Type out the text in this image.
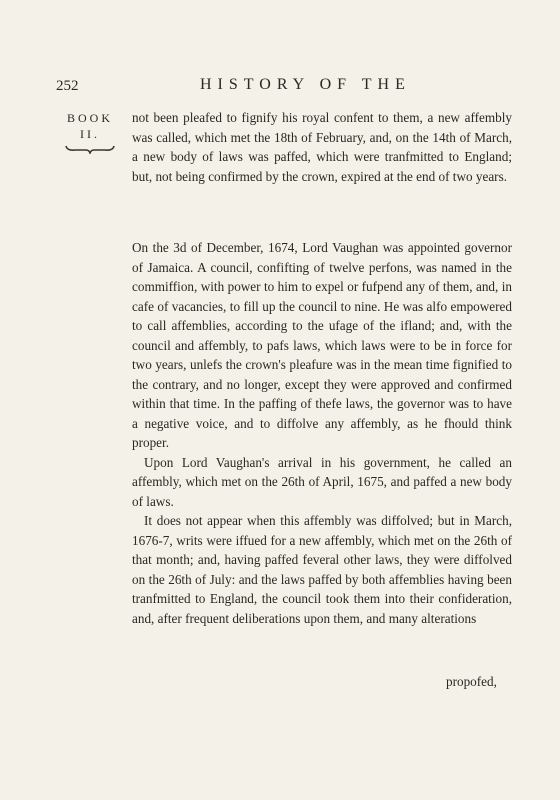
252	HISTORY OF THE
BOOK
II.

not been pleafed to fignify his royal confent to them, a new affembly was called, which met the 18th of February, and, on the 14th of March, a new body of laws was paffed, which were tranfmitted to England; but, not being confirmed by the crown, expired at the end of two years.

On the 3d of December, 1674, Lord Vaughan was appointed governor of Jamaica. A council, confifting of twelve perfons, was named in the commiffion, with power to him to expel or fufpend any of them, and, in cafe of vacancies, to fill up the council to nine. He was alfo empowered to call affemblies, according to the ufage of the ifland; and, with the council and affembly, to pafs laws, which laws were to be in force for two years, unlefs the crown's pleafure was in the mean time fignified to the contrary, and no longer, except they were approved and confirmed within that time. In the paffing of thefe laws, the governor was to have a negative voice, and to diffolve any affembly, as he fhould think proper.

Upon Lord Vaughan's arrival in his government, he called an affembly, which met on the 26th of April, 1675, and paffed a new body of laws.

It does not appear when this affembly was diffolved; but in March, 1676-7, writs were iffued for a new affembly, which met on the 26th of that month; and, having paffed feveral other laws, they were diffolved on the 26th of July: and the laws paffed by both affemblies having been tranfmitted to England, the council took them into their confideration, and, after frequent deliberations upon them, and many alterations

propofed,
